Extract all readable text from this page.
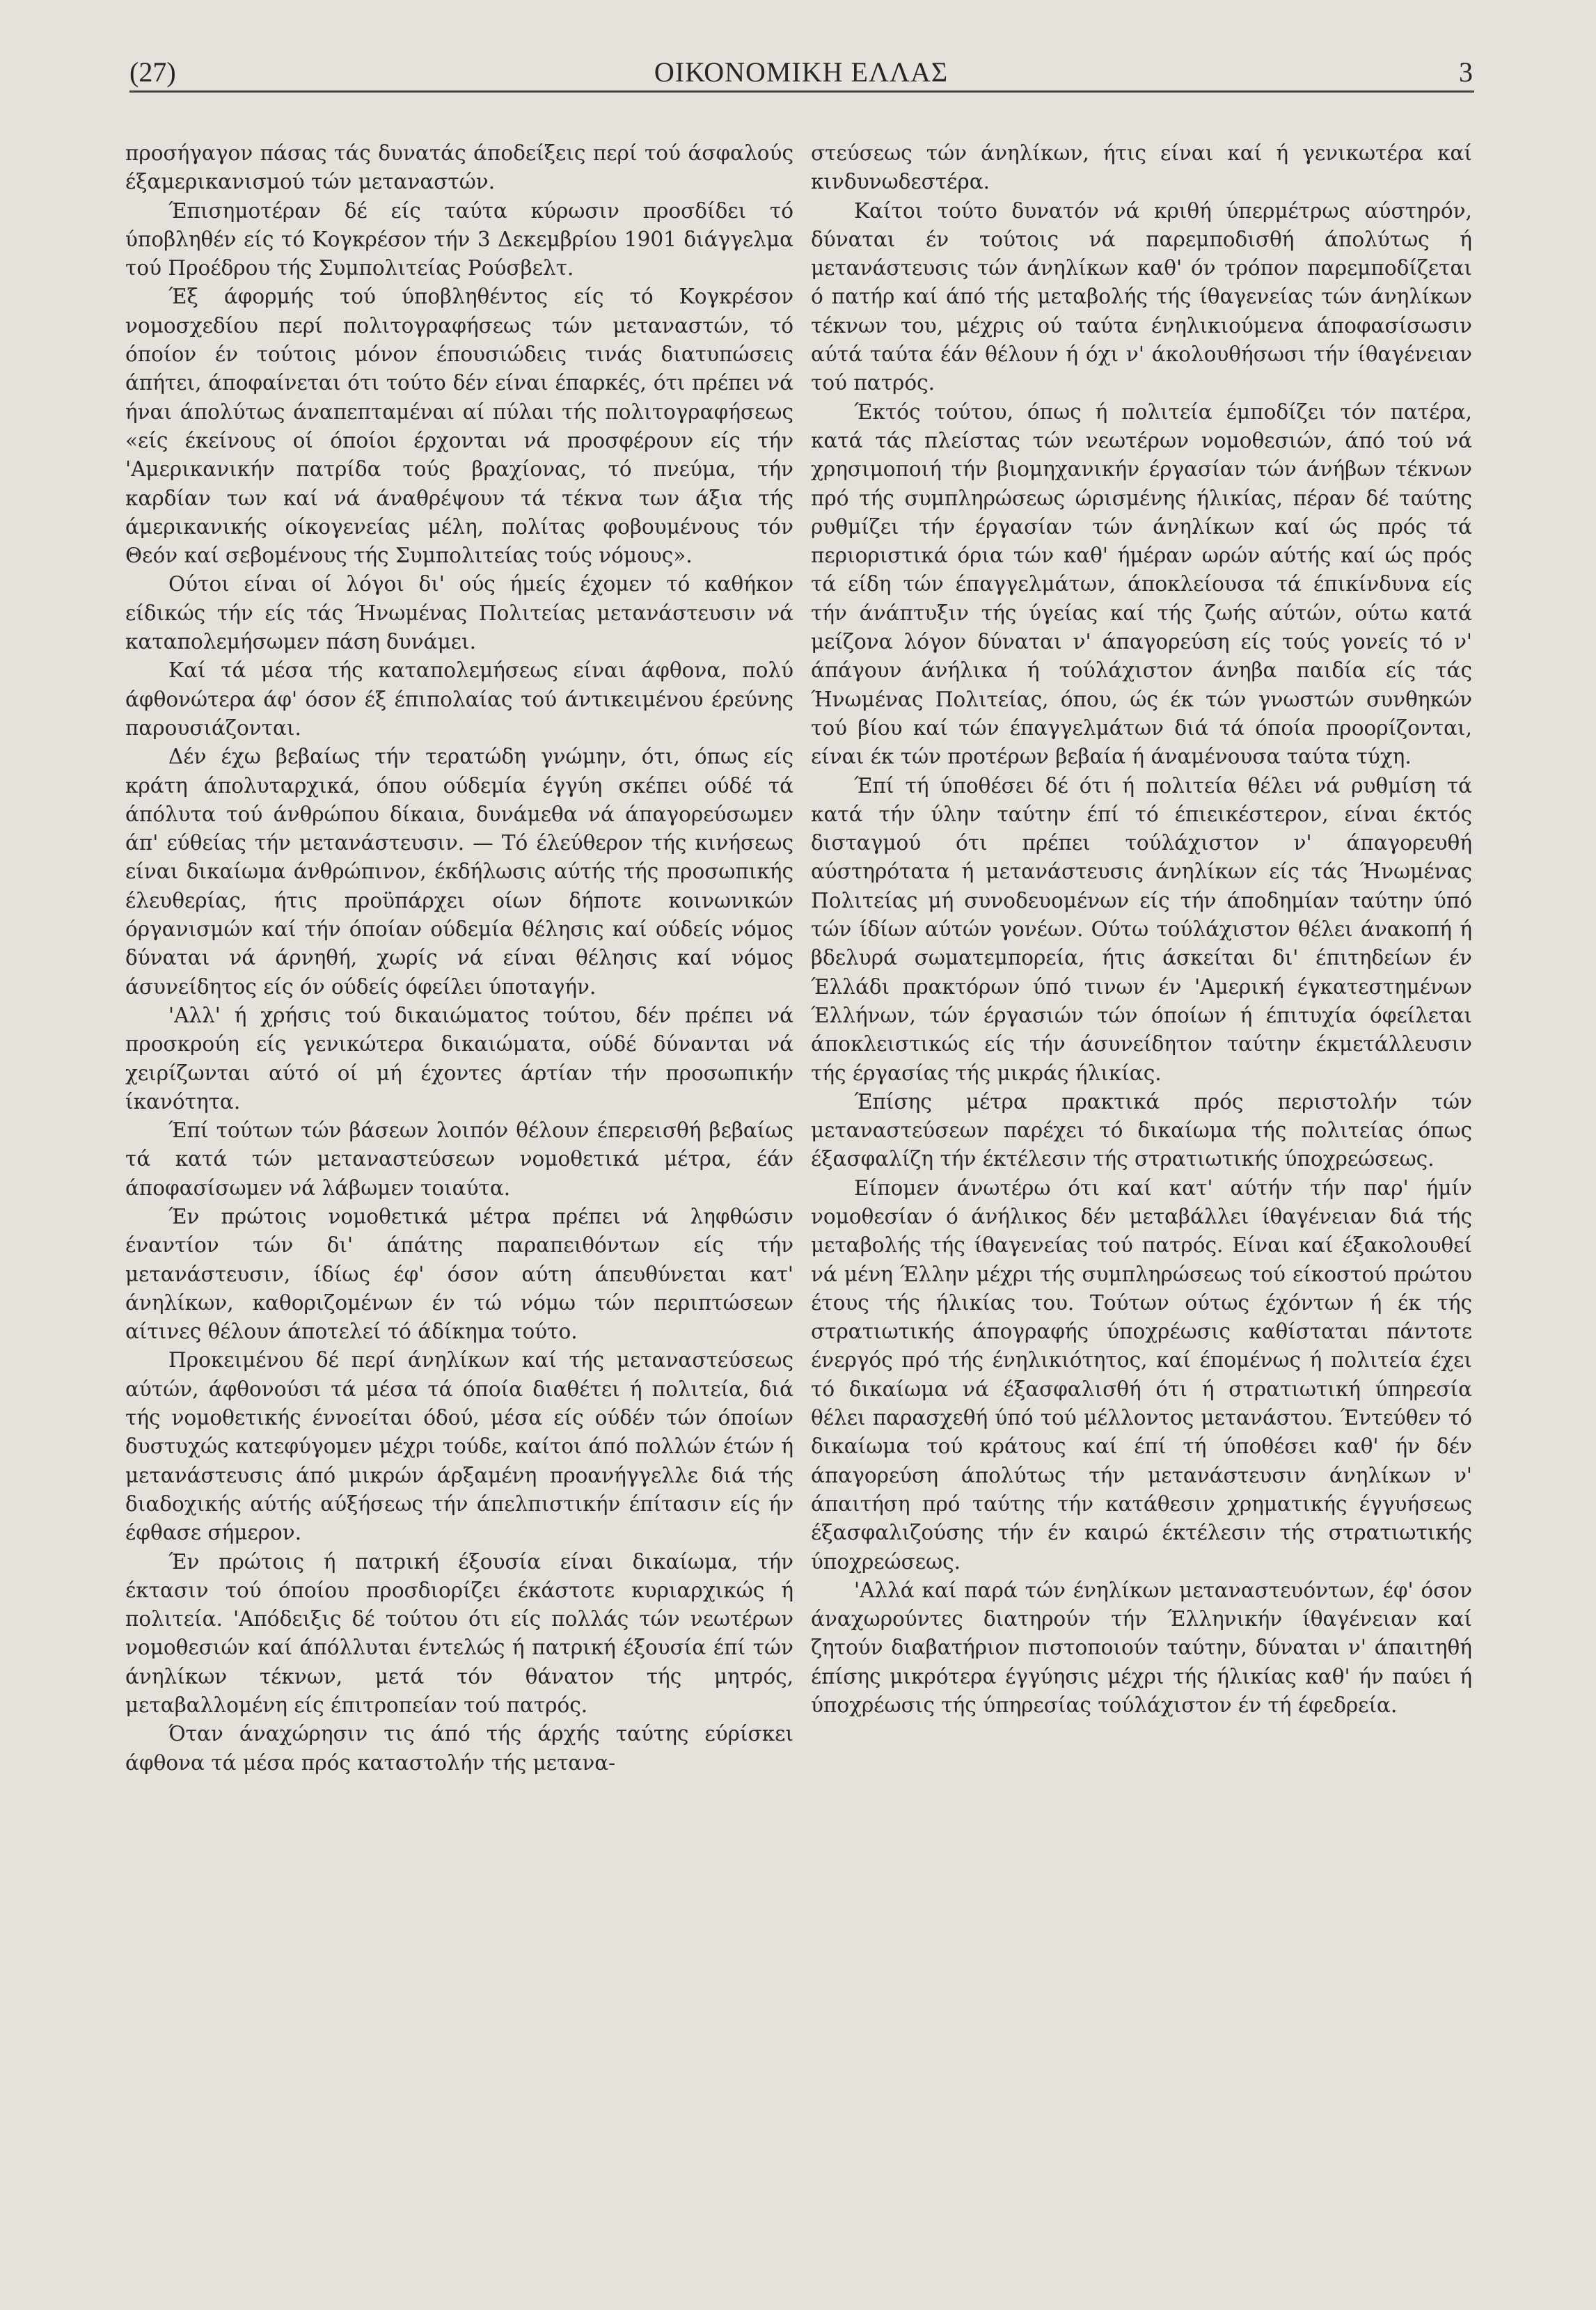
(27)	ΟΙΚΟΝΟΜΙΚΗ ΕΛΛΑΣ	3

προσήγαγον πάσας τάς δυνατάς άποδείξεις περί τού άσφαλούς έξαμερικανισμού τών μεταναστών.

Έπισημοτέραν δέ είς ταύτα κύρωσιν προσδίδει τό ύποβληθέν είς τό Κογκρέσον τήν 3 Δεκεμβρίου 1901 διάγγελμα τού Προέδρου τής Συμπολιτείας Ρούσβελτ.

Έξ άφορμής τού ύποβληθέντος είς τό Κογκρέσον νομοσχεδίου περί πολιτογραφήσεως τών μεταναστών, τό όποίον έν τούτοις μόνον έπουσιώδεις τινάς διατυπώσεις άπήτει, άποφαίνεται ότι τούτο δέν είναι έπαρκές, ότι πρέπει νά ήναι άπολύτως άναπεπταμέναι αί πύλαι τής πολιτογραφήσεως «είς έκείνους οί όποίοι έρχονται νά προσφέρουν είς τήν 'Αμερικανικήν πατρίδα τούς βραχίονας, τό πνεύμα, τήν καρδίαν των καί νά άναθρέψουν τά τέκνα των άξια τής άμερικανικής οίκογενείας μέλη, πολίτας φοβουμένους τόν Θεόν καί σεβομένους τής Συμπολιτείας τούς νόμους».

Ούτοι είναι οί λόγοι δι' ούς ήμείς έχομεν τό καθήκον είδικώς τήν είς τάς Ήνωμένας Πολιτείας μετανάστευσιν νά καταπολεμήσωμεν πάση δυνάμει.

Καί τά μέσα τής καταπολεμήσεως είναι άφθονα, πολύ άφθονώτερα άφ' όσον έξ έπιπολαίας τού άντικειμένου έρεύνης παρουσιάζονται.

Δέν έχω βεβαίως τήν τερατώδη γνώμην, ότι, όπως είς κράτη άπολυταρχικά, όπου ούδεμία έγγύη σκέπει ούδέ τά άπόλυτα τού άνθρώπου δίκαια, δυνάμεθα νά άπαγορεύσωμεν άπ' εύθείας τήν μετανάστευσιν. — Τό έλεύθερον τής κινήσεως είναι δικαίωμα άνθρώπινον, έκδήλωσις αύτής τής προσωπικής έλευθερίας, ήτις προϋπάρχει οίων δήποτε κοινωνικών όργανισμών καί τήν όποίαν ούδεμία θέλησις καί ούδείς νόμος δύναται νά άρνηθή, χωρίς νά είναι θέλησις καί νόμος άσυνείδητος είς όν ούδείς όφείλει ύποταγήν.

'Αλλ' ή χρήσις τού δικαιώματος τούτου, δέν πρέπει νά προσκρούη είς γενικώτερα δικαιώματα, ούδέ δύνανται νά χειρίζωνται αύτό οί μή έχοντες άρτίαν τήν προσωπικήν ίκανότητα.

Έπί τούτων τών βάσεων λοιπόν θέλουν έπερεισθή βεβαίως τά κατά τών μεταναστεύσεων νομοθετικά μέτρα, έάν άποφασίσωμεν νά λάβωμεν τοιαύτα.

Έν πρώτοις νομοθετικά μέτρα πρέπει νά ληφθώσιν έναντίον τών δι' άπάτης παραπειθόντων είς τήν μετανάστευσιν, ίδίως έφ' όσον αύτη άπευθύνεται κατ' άνηλίκων, καθοριζομένων έν τώ νόμω τών περιπτώσεων αίτινες θέλουν άποτελεί τό άδίκημα τούτο.

Προκειμένου δέ περί άνηλίκων καί τής μεταναστεύσεως αύτών, άφθονούσι τά μέσα τά όποία διαθέτει ή πολιτεία, διά τής νομοθετικής έννοείται όδού, μέσα είς ούδέν τών όποίων δυστυχώς κατεφύγομεν μέχρι τούδε, καίτοι άπό πολλών έτών ή μετανάστευσις άπό μικρών άρξαμένη προανήγγελλε διά τής διαδοχικής αύτής αύξήσεως τήν άπελπιστικήν έπίτασιν είς ήν έφθασε σήμερον.

Έν πρώτοις ή πατρική έξουσία είναι δικαίωμα, τήν έκτασιν τού όποίου προσδιορίζει έκάστοτε κυριαρχικώς ή πολιτεία. 'Απόδειξις δέ τούτου ότι είς πολλάς τών νεωτέρων νομοθεσιών καί άπόλλυται έντελώς ή πατρική έξουσία έπί τών άνηλίκων τέκνων, μετά τόν θάνατον τής μητρός, μεταβαλλομένη είς έπιτροπείαν τού πατρός.

Όταν άναχώρησιν τις άπό τής άρχής ταύτης εύρίσκει άφθονα τά μέσα πρός καταστολήν τής μετανα-

στεύσεως τών άνηλίκων, ήτις είναι καί ή γενικωτέρα καί κινδυνωδεστέρα.

Καίτοι τούτο δυνατόν νά κριθή ύπερμέτρως αύστηρόν, δύναται έν τούτοις νά παρεμποδισθή άπολύτως ή μετανάστευσις τών άνηλίκων καθ' όν τρόπον παρεμποδίζεται ό πατήρ καί άπό τής μεταβολής τής ίθαγενείας τών άνηλίκων τέκνων του, μέχρις ού ταύτα ένηλικιούμενα άποφασίσωσιν αύτά ταύτα έάν θέλουν ή όχι ν' άκολουθήσωσι τήν ίθαγένειαν τού πατρός.

Έκτός τούτου, όπως ή πολιτεία έμποδίζει τόν πατέρα, κατά τάς πλείστας τών νεωτέρων νομοθεσιών, άπό τού νά χρησιμοποιή τήν βιομηχανικήν έργασίαν τών άνήβων τέκνων πρό τής συμπληρώσεως ώρισμένης ήλικίας, πέραν δέ ταύτης ρυθμίζει τήν έργασίαν τών άνηλίκων καί ώς πρός τά περιοριστικά όρια τών καθ' ήμέραν ωρών αύτής καί ώς πρός τά είδη τών έπαγγελμάτων, άποκλείουσα τά έπικίνδυνα είς τήν άνάπτυξιν τής ύγείας καί τής ζωής αύτών, ούτω κατά μείζονα λόγον δύναται ν' άπαγορεύση είς τούς γονείς τό ν' άπάγουν άνήλικα ή τούλάχιστον άνηβα παιδία είς τάς Ήνωμένας Πολιτείας, όπου, ώς έκ τών γνωστών συνθηκών τού βίου καί τών έπαγγελμάτων διά τά όποία προορίζονται, είναι έκ τών προτέρων βεβαία ή άναμένουσα ταύτα τύχη.

Έπί τή ύποθέσει δέ ότι ή πολιτεία θέλει νά ρυθμίση τά κατά τήν ύλην ταύτην έπί τό έπιεικέστερον, είναι έκτός δισταγμού ότι πρέπει τούλάχιστον ν' άπαγορευθή αύστηρότατα ή μετανάστευσις άνηλίκων είς τάς Ήνωμένας Πολιτείας μή συνοδευομένων είς τήν άποδημίαν ταύτην ύπό τών ίδίων αύτών γονέων. Ούτω τούλάχιστον θέλει άνακοπή ή βδελυρά σωματεμπορεία, ήτις άσκείται δι' έπιτηδείων έν Έλλάδι πρακτόρων ύπό τινων έν 'Αμερική έγκατεστημένων Έλλήνων, τών έργασιών τών όποίων ή έπιτυχία όφείλεται άποκλειστικώς είς τήν άσυνείδητον ταύτην έκμετάλλευσιν τής έργασίας τής μικράς ήλικίας.

Έπίσης μέτρα πρακτικά πρός περιστολήν τών μεταναστεύσεων παρέχει τό δικαίωμα τής πολιτείας όπως έξασφαλίζη τήν έκτέλεσιν τής στρατιωτικής ύποχρεώσεως.

Είπομεν άνωτέρω ότι καί κατ' αύτήν τήν παρ' ήμίν νομοθεσίαν ό άνήλικος δέν μεταβάλλει ίθαγένειαν διά τής μεταβολής τής ίθαγενείας τού πατρός. Είναι καί έξακολουθεί νά μένη Έλλην μέχρι τής συμπληρώσεως τού είκοστού πρώτου έτους τής ήλικίας του. Τούτων ούτως έχόντων ή έκ τής στρατιωτικής άπογραφής ύποχρέωσις καθίσταται πάντοτε ένεργός πρό τής ένηλικιότητος, καί έπομένως ή πολιτεία έχει τό δικαίωμα νά έξασφαλισθή ότι ή στρατιωτική ύπηρεσία θέλει παρασχεθή ύπό τού μέλλοντος μετανάστου. Έντεύθεν τό δικαίωμα τού κράτους καί έπί τή ύποθέσει καθ' ήν δέν άπαγορεύση άπολύτως τήν μετανάστευσιν άνηλίκων ν' άπαιτήση πρό ταύτης τήν κατάθεσιν χρηματικής έγγυήσεως έξασφαλιζούσης τήν έν καιρώ έκτέλεσιν τής στρατιωτικής ύποχρεώσεως.

'Αλλά καί παρά τών ένηλίκων μεταναστευόντων, έφ' όσον άναχωρούντες διατηρούν τήν Έλληνικήν ίθαγένειαν καί ζητούν διαβατήριον πιστοποιούν ταύτην, δύναται ν' άπαιτηθή έπίσης μικρότερα έγγύησις μέχρι τής ήλικίας καθ' ήν παύει ή ύποχρέωσις τής ύπηρεσίας τούλάχιστον έν τή έφεδρεία.
